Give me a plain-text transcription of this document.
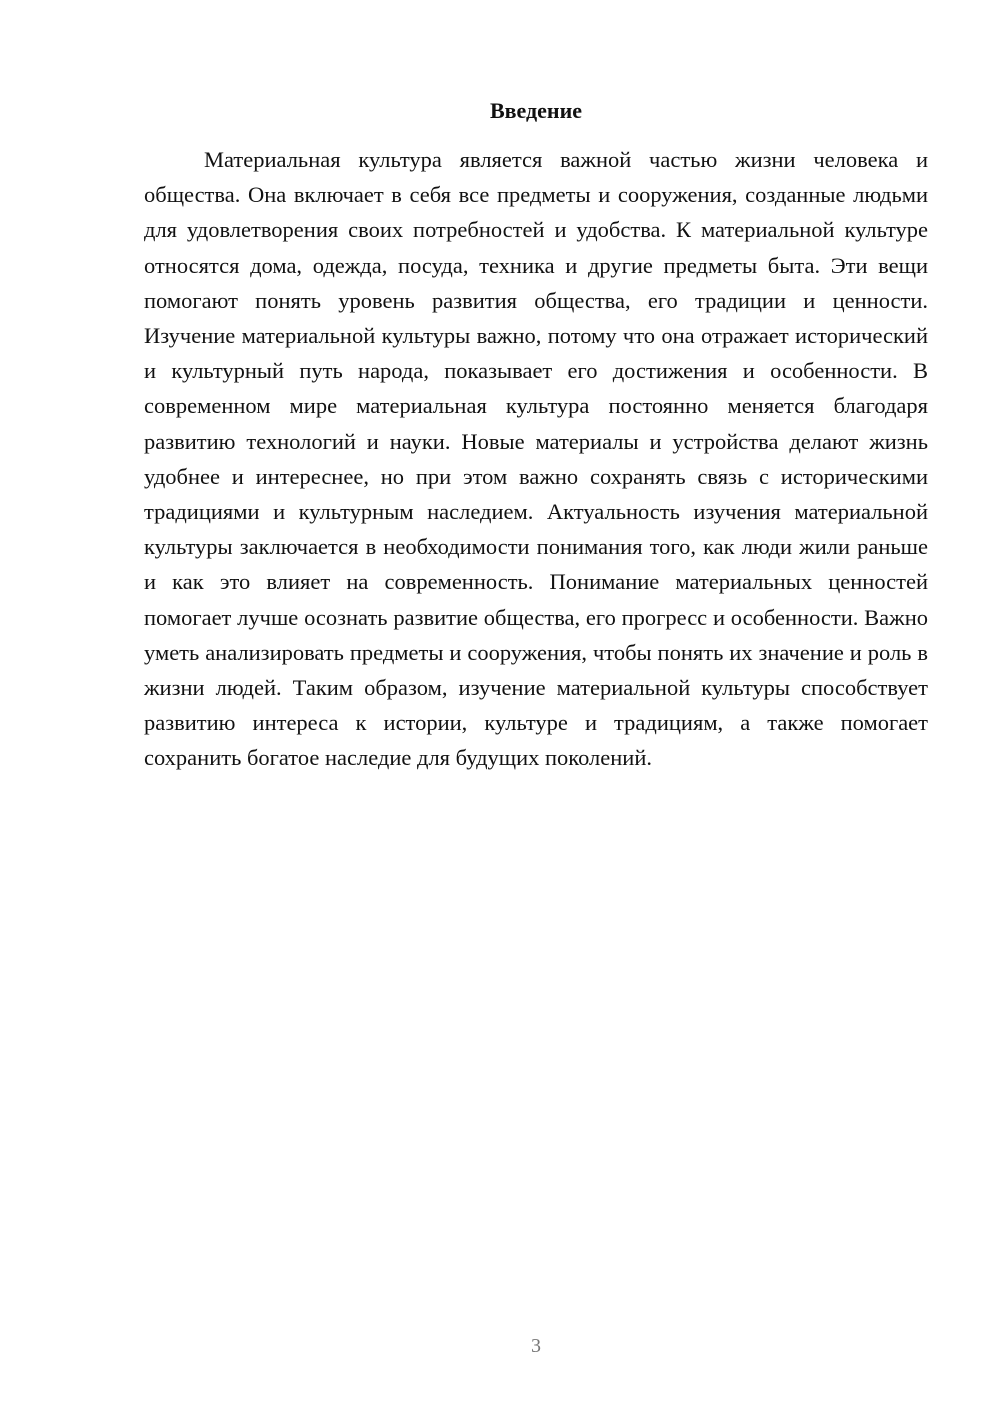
Введение

Материальная культура является важной частью жизни человека и общества. Она включает в себя все предметы и сооружения, созданные людьми для удовлетворения своих потребностей и удобства. К материальной культуре относятся дома, одежда, посуда, техника и другие предметы быта. Эти вещи помогают понять уровень развития общества, его традиции и ценности. Изучение материальной культуры важно, потому что она отражает исторический и культурный путь народа, показывает его достижения и особенности. В современном мире материальная культура постоянно меняется благодаря развитию технологий и науки. Новые материалы и устройства делают жизнь удобнее и интереснее, но при этом важно сохранять связь с историческими традициями и культурным наследием. Актуальность изучения материальной культуры заключается в необходимости понимания того, как люди жили раньше и как это влияет на современность. Понимание материальных ценностей помогает лучше осознать развитие общества, его прогресс и особенности. Важно уметь анализировать предметы и сооружения, чтобы понять их значение и роль в жизни людей. Таким образом, изучение материальной культуры способствует развитию интереса к истории, культуре и традициям, а также помогает сохранить богатое наследие для будущих поколений.

3
